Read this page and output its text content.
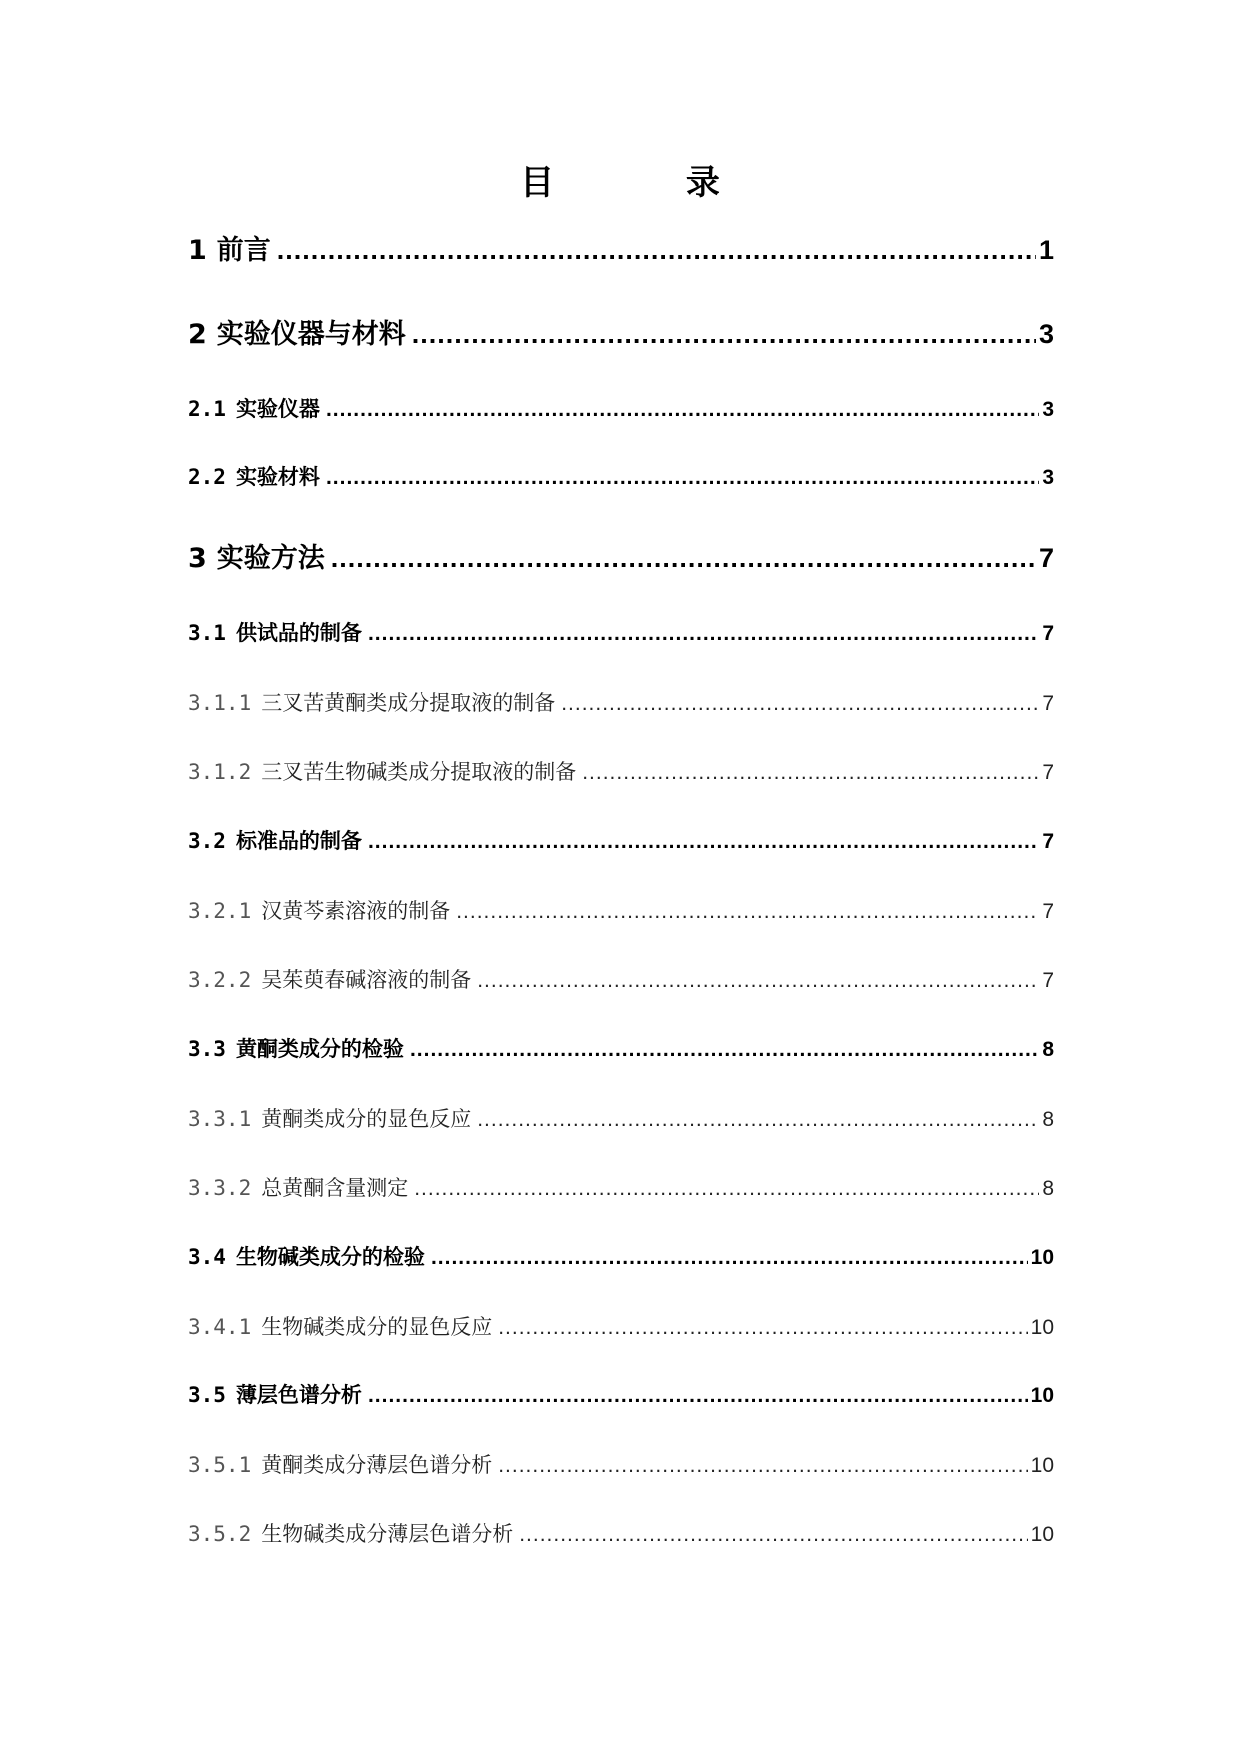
目 录
1 前言 .....	1
2 实验仪器与材料 .....	3
2.1 实验仪器 .....	3
2.2 实验材料 .....	3
3 实验方法 .....	7
3.1 供试品的制备 .....	7
3.1.1 三叉苦黄酮类成分提取液的制备 .....	7
3.1.2 三叉苦生物碱类成分提取液的制备 .....	7
3.2 标准品的制备 .....	7
3.2.1 汉黄芩素溶液的制备 .....	7
3.2.2 吴茱萸春碱溶液的制备 .....	7
3.3 黄酮类成分的检验 .....	8
3.3.1 黄酮类成分的显色反应 .....	8
3.3.2 总黄酮含量测定 .....	8
3.4 生物碱类成分的检验 .....	10
3.4.1 生物碱类成分的显色反应 .....	10
3.5 薄层色谱分析 .....	10
3.5.1 黄酮类成分薄层色谱分析 .....	10
3.5.2 生物碱类成分薄层色谱分析 .....	10
